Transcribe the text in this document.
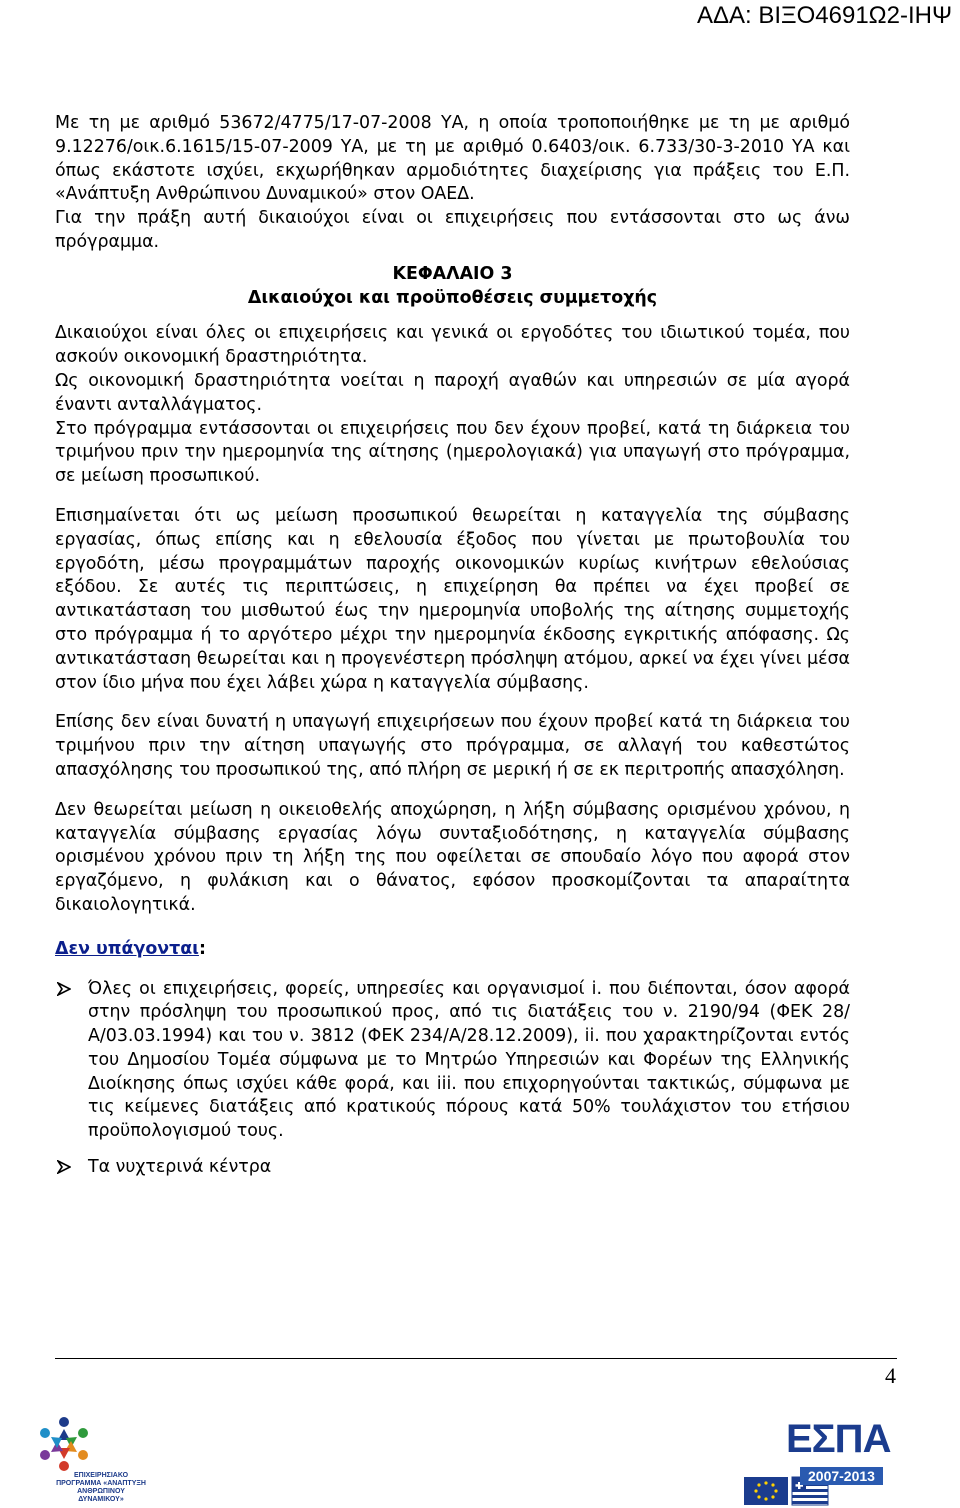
ΑΔΑ: ΒΙΞΟ4691Ω2-ΙΗΨ

Με τη με αριθμό 53672/4775/17-07-2008 ΥΑ, η οποία τροποποιήθηκε με τη με αριθμό 9.12276/οικ.6.1615/15-07-2009 ΥΑ, με τη με αριθμό 0.6403/οικ. 6.733/30-3-2010 ΥΑ και όπως εκάστοτε ισχύει, εκχωρήθηκαν αρμοδιότητες διαχείρισης για πράξεις του Ε.Π. «Ανάπτυξη Ανθρώπινου Δυναμικού» στον ΟΑΕΔ.

Για την πράξη αυτή δικαιούχοι είναι οι επιχειρήσεις που εντάσσονται στο ως άνω πρόγραμμα.

ΚΕΦΑΛΑΙΟ 3

Δικαιούχοι και προϋποθέσεις συμμετοχής

Δικαιούχοι είναι όλες οι επιχειρήσεις και γενικά οι εργοδότες του ιδιωτικού τομέα, που ασκούν οικονομική δραστηριότητα.

Ως οικονομική δραστηριότητα νοείται η παροχή αγαθών και υπηρεσιών σε μία αγορά έναντι ανταλλάγματος.

Στο πρόγραμμα εντάσσονται οι επιχειρήσεις που δεν έχουν προβεί, κατά τη διάρκεια του τριμήνου πριν την ημερομηνία της αίτησης (ημερολογιακά) για υπαγωγή στο πρόγραμμα, σε μείωση προσωπικού.

Επισημαίνεται ότι ως μείωση προσωπικού θεωρείται η καταγγελία της σύμβασης εργασίας, όπως επίσης και η εθελουσία έξοδος που γίνεται με πρωτοβουλία του εργοδότη, μέσω προγραμμάτων παροχής οικονομικών κυρίως κινήτρων εθελούσιας εξόδου. Σε αυτές τις περιπτώσεις, η επιχείρηση θα πρέπει να έχει προβεί σε αντικατάσταση του μισθωτού έως την ημερομηνία υποβολής της αίτησης συμμετοχής στο πρόγραμμα ή το αργότερο μέχρι την ημερομηνία έκδοσης εγκριτικής απόφασης. Ως αντικατάσταση θεωρείται και η προγενέστερη πρόσληψη ατόμου, αρκεί να έχει γίνει μέσα στον ίδιο μήνα που έχει λάβει χώρα η καταγγελία σύμβασης.

Επίσης δεν είναι δυνατή η υπαγωγή επιχειρήσεων που έχουν προβεί κατά τη διάρκεια του τριμήνου πριν την αίτηση υπαγωγής στο πρόγραμμα, σε αλλαγή του καθεστώτος απασχόλησης του προσωπικού της, από πλήρη σε μερική ή σε εκ περιτροπής απασχόληση.

Δεν θεωρείται μείωση η οικειοθελής αποχώρηση, η λήξη σύμβασης ορισμένου χρόνου, η καταγγελία σύμβασης εργασίας λόγω συνταξιοδότησης, η καταγγελία σύμβασης ορισμένου χρόνου πριν τη λήξη της που οφείλεται σε σπουδαίο λόγο που αφορά στον εργαζόμενο, η φυλάκιση και ο θάνατος, εφόσον προσκομίζονται τα απαραίτητα δικαιολογητικά.

Δεν υπάγονται:

Όλες οι επιχειρήσεις, φορείς, υπηρεσίες και οργανισμοί i. που διέπονται, όσον αφορά στην πρόσληψη του προσωπικού προς, από τις διατάξεις του ν. 2190/94 (ΦΕΚ 28/Α/03.03.1994) και του ν. 3812 (ΦΕΚ 234/Α/28.12.2009), ii. που χαρακτηρίζονται εντός του Δημοσίου Τομέα σύμφωνα με το Μητρώο Υπηρεσιών και Φορέων της Ελληνικής Διοίκησης όπως ισχύει κάθε φορά, και iii. που επιχορηγούνται τακτικώς, σύμφωνα με τις κείμενες διατάξεις από κρατικούς πόρους κατά 50% τουλάχιστον του ετήσιου προϋπολογισμού τους.
Τα νυχτερινά κέντρα
4
ΕΠΙΧΕΙΡΗΣΙΑΚΟ ΠΡΟΓΡΑΜΜΑ «ΑΝΑΠΤΥΞΗ ΑΝΘΡΩΠΙΝΟΥ ΔΥΝΑΜΙΚΟΥ»
ΕΣΠΑ
2007-2013
